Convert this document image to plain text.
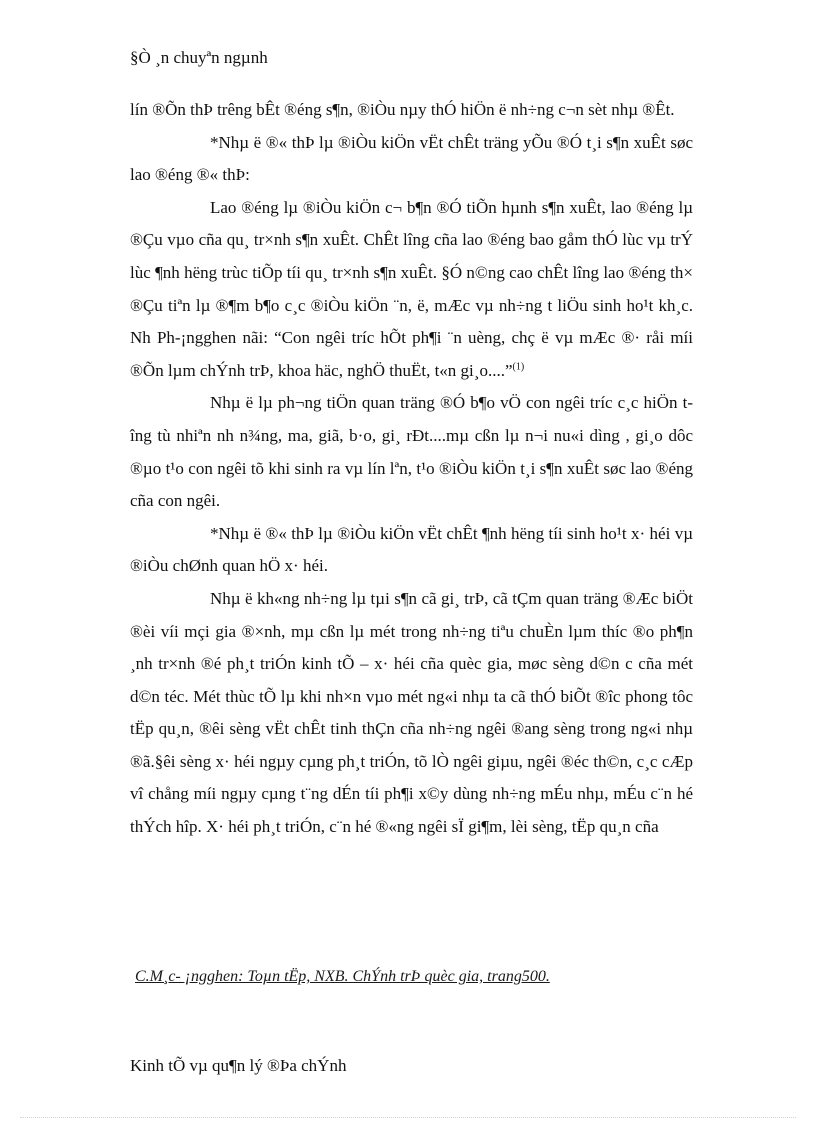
§Ò ¸n chuyªn ngµnh

lín ®Õn thÞ trêng bÊt ®éng s¶n, ®iÒu nµy thÓ hiÖn ë nh÷ng c¬n sèt nhµ ®Êt.

*Nhµ ë ®« thÞ lµ ®iÒu kiÖn vËt chÊt träng yÕu ®Ó t¸i s¶n xuÊt søc lao ®éng ®« thÞ:

Lao ®éng lµ ®iÒu kiÖn c¬ b¶n ®Ó tiÕn hµnh s¶n xuÊt, lao ®éng lµ ®Çu vµo cña qu¸ tr×nh s¶n xuÊt. ChÊt lîng cña lao ®éng bao gåm thÓ lùc vµ trÝ lùc ¶nh hëng trùc tiÕp tíi qu¸ tr×nh s¶n xuÊt. §Ó n©ng cao chÊt lîng lao ®éng th× ®Çu tiªn lµ ®¶m b¶o c¸c ®iÒu kiÖn ¨n, ë, mÆc vµ nh÷ng t liÖu sinh ho¹t kh¸c. Nh Ph-¡ngghen nãi: “Con ngêi tríc hÕt ph¶i ¨n uèng, chç ë vµ mÆc ®· råi míi ®Õn lµm chÝnh trÞ, khoa häc, nghÖ thuËt, t«n gi¸o....”$^{(1)}$

Nhµ ë lµ ph¬ng tiÖn quan träng ®Ó b¶o vÖ con ngêi tríc c¸c hiÖn tîng tù nhiªn nh n¾ng, ma, giã, b·o, gi¸ rÐt....mµ cßn lµ n¬i nu«i dìng , gi¸o dôc ®µo t¹o con ngêi tõ khi sinh ra vµ lín lªn, t¹o ®iÒu kiÖn t¸i s¶n xuÊt søc lao ®éng cña con ngêi.

*Nhµ ë ®« thÞ lµ ®iÒu kiÖn vËt chÊt ¶nh hëng tíi sinh ho¹t x· héi vµ ®iÒu chØnh quan hÖ x· héi.

Nhµ ë kh«ng nh÷ng lµ tµi s¶n cã gi¸ trÞ, cã tÇm quan träng ®Æc biÖt ®èi víi mçi gia ®×nh, mµ cßn lµ mét trong nh÷ng tiªu chuÈn lµm thíc ®o ph¶n ¸nh tr×nh ®é ph¸t triÓn kinh tÕ – x· héi cña quèc gia, møc sèng d©n c cña mét d©n téc. Mét thùc tÕ lµ khi nh×n vµo mét ng«i nhµ ta cã thÓ biÕt ®îc phong tôc tËp qu¸n, ®êi sèng vËt chÊt tinh thÇn cña nh÷ng ngêi ®ang sèng trong ng«i nhµ ®ã.§êi sèng x· héi ngµy cµng ph¸t triÓn, tõ lÒ ngêi giµu, ngêi ®éc th©n, c¸c cÆp vî chång míi ngµy cµng t¨ng dÉn tíi ph¶i x©y dùng nh÷ng mÉu nhµ, mÉu c¨n hé thÝch hîp. X· héi ph¸t triÓn, c¨n hé ®«ng ngêi sÏ gi¶m, lèi sèng, tËp qu¸n cña

C.M¸c- ¡ngghen: Toµn tËp, NXB. ChÝnh trÞ quèc gia, trang500.
Kinh tÕ vµ qu¶n lý ®Þa chÝnh
